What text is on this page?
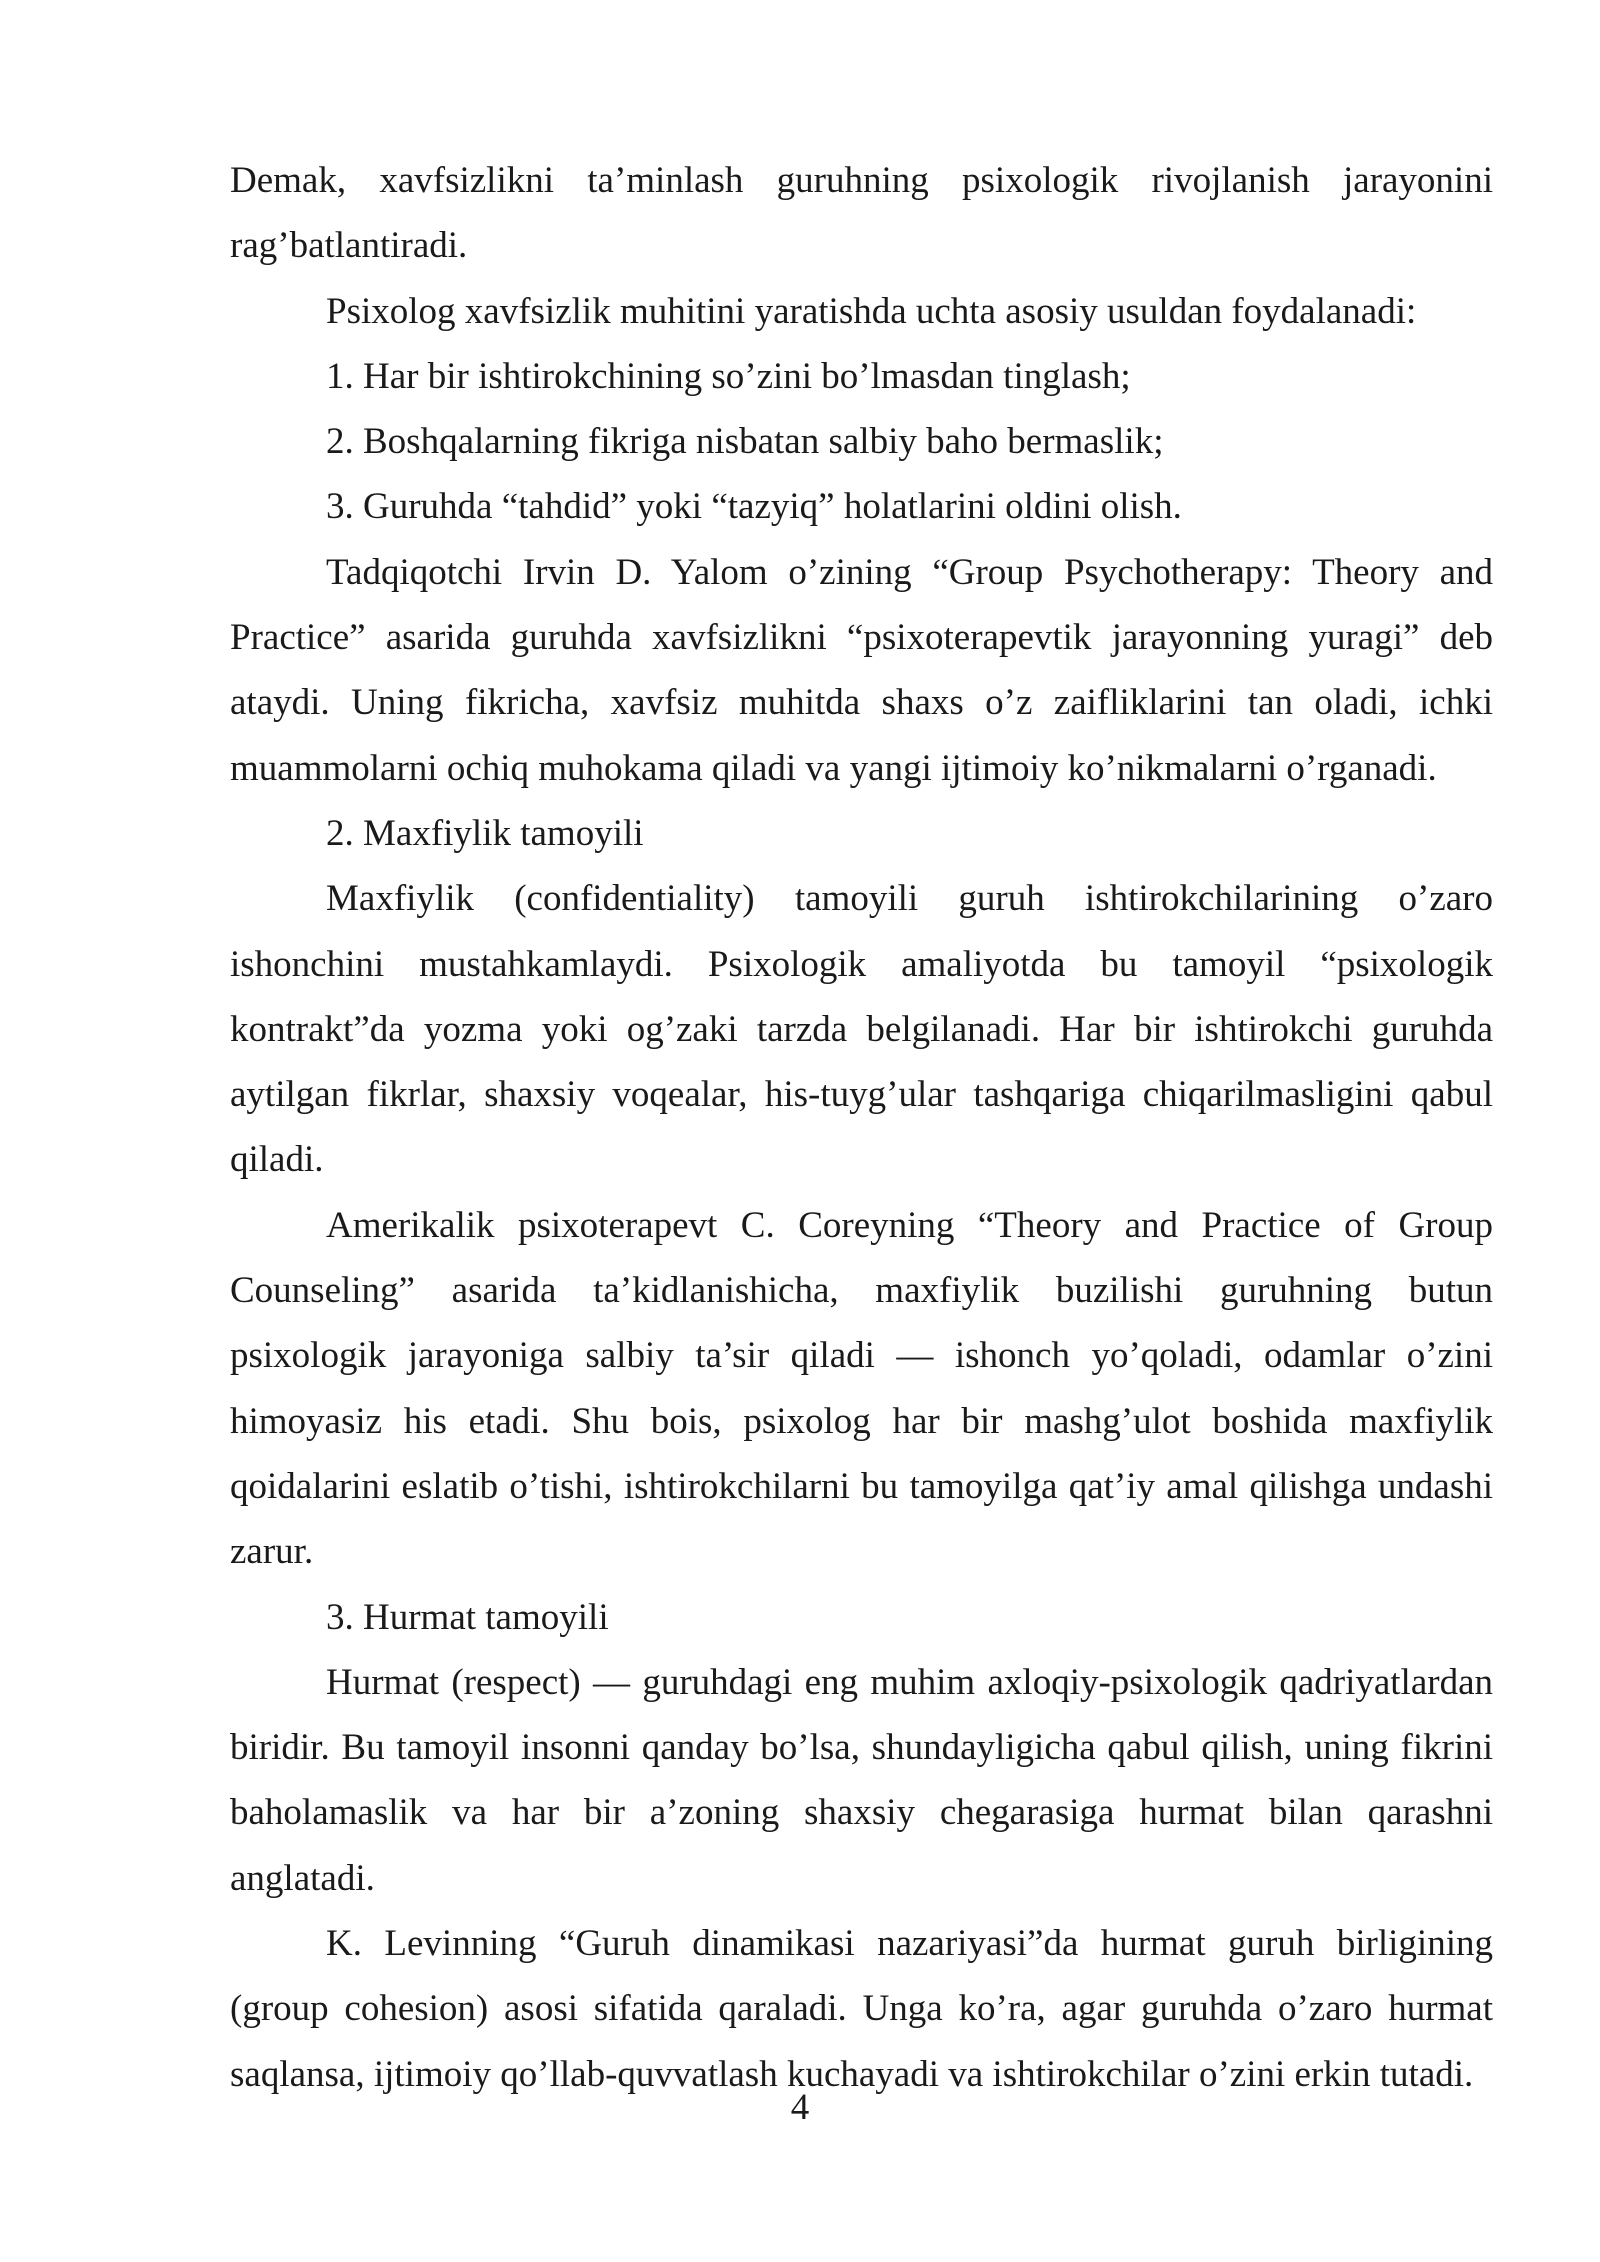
Demak, xavfsizlikni ta’minlash guruhning psixologik rivojlanish jarayonini rag’batlantiradi.

Psixolog xavfsizlik muhitini yaratishda uchta asosiy usuldan foydalanadi:

1. Har bir ishtirokchining so’zini bo’lmasdan tinglash;

2. Boshqalarning fikriga nisbatan salbiy baho bermaslik;

3. Guruhda “tahdid” yoki “tazyiq” holatlarini oldini olish.

Tadqiqotchi Irvin D. Yalom o’zining “Group Psychotherapy: Theory and Practice” asarida guruhda xavfsizlikni “psixoterapevtik jarayonning yuragi” deb ataydi. Uning fikricha, xavfsiz muhitda shaxs o’z zaifliklarini tan oladi, ichki muammolarni ochiq muhokama qiladi va yangi ijtimoiy ko’nikmalarni o’rganadi.

2. Maxfiylik tamoyili

Maxfiylik (confidentiality) tamoyili guruh ishtirokchilarining o’zaro ishonchini mustahkamlaydi. Psixologik amaliyotda bu tamoyil “psixologik kontrakt”da yozma yoki og’zaki tarzda belgilanadi. Har bir ishtirokchi guruhda aytilgan fikrlar, shaxsiy voqealar, his-tuyg’ular tashqariga chiqarilmasligini qabul qiladi.

Amerikalik psixoterapevt C. Coreyning “Theory and Practice of Group Counseling” asarida ta’kidlanishicha, maxfiylik buzilishi guruhning butun psixologik jarayoniga salbiy ta’sir qiladi — ishonch yo’qoladi, odamlar o’zini himoyasiz his etadi. Shu bois, psixolog har bir mashg’ulot boshida maxfiylik qoidalarini eslatib o’tishi, ishtirokchilarni bu tamoyilga qat’iy amal qilishga undashi zarur.

3. Hurmat tamoyili

Hurmat (respect) — guruhdagi eng muhim axloqiy-psixologik qadriyatlardan biridir. Bu tamoyil insonni qanday bo’lsa, shundayligicha qabul qilish, uning fikrini baholamaslik va har bir a’zoning shaxsiy chegarasiga hurmat bilan qarashni anglatadi.

K. Levinning “Guruh dinamikasi nazariyasi”da hurmat guruh birligining (group cohesion) asosi sifatida qaraladi. Unga ko’ra, agar guruhda o’zaro hurmat saqlansa, ijtimoiy qo’llab-quvvatlash kuchayadi va ishtirokchilar o’zini erkin tutadi.

4
